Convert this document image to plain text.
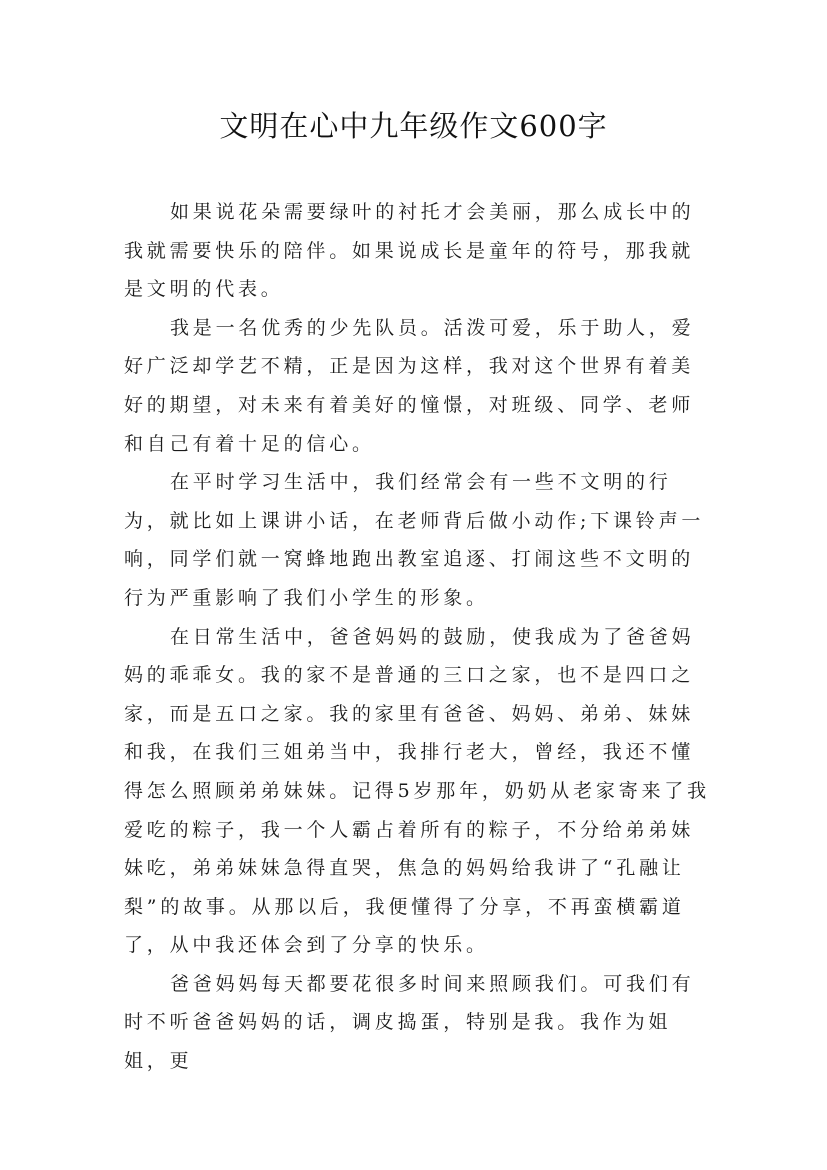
文明在心中九年级作文600字

如果说花朵需要绿叶的衬托才会美丽，那么成长中的我就需要快乐的陪伴。如果说成长是童年的符号，那我就是文明的代表。

我是一名优秀的少先队员。活泼可爱，乐于助人，爱好广泛却学艺不精，正是因为这样，我对这个世界有着美好的期望，对未来有着美好的憧憬，对班级、同学、老师和自己有着十足的信心。

在平时学习生活中，我们经常会有一些不文明的行为，就比如上课讲小话，在老师背后做小动作;下课铃声一响，同学们就一窝蜂地跑出教室追逐、打闹这些不文明的行为严重影响了我们小学生的形象。

在日常生活中，爸爸妈妈的鼓励，使我成为了爸爸妈妈的乖乖女。我的家不是普通的三口之家，也不是四口之家，而是五口之家。我的家里有爸爸、妈妈、弟弟、妹妹和我，在我们三姐弟当中，我排行老大，曾经，我还不懂得怎么照顾弟弟妹妹。记得5岁那年，奶奶从老家寄来了我爱吃的粽子，我一个人霸占着所有的粽子，不分给弟弟妹妹吃，弟弟妹妹急得直哭，焦急的妈妈给我讲了“孔融让梨”的故事。从那以后，我便懂得了分享，不再蛮横霸道了，从中我还体会到了分享的快乐。

爸爸妈妈每天都要花很多时间来照顾我们。可我们有时不听爸爸妈妈的话，调皮捣蛋，特别是我。我作为姐姐，更
